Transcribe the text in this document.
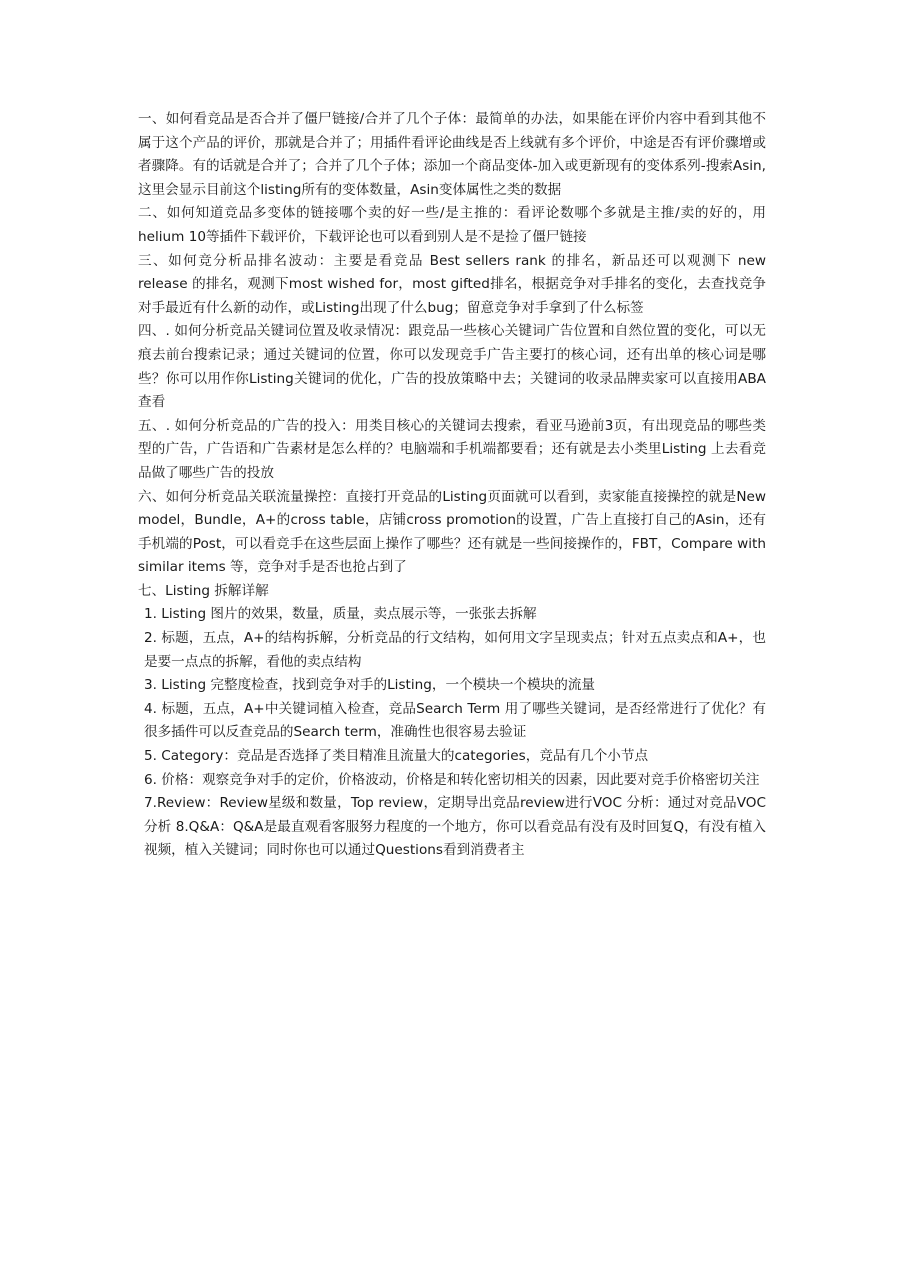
一、如何看竞品是否合并了僵尸链接/合并了几个子体：最简单的办法，如果能在评价内容中看到其他不属于这个产品的评价，那就是合并了；用插件看评论曲线是否上线就有多个评价，中途是否有评价骤增或者骤降。有的话就是合并了；合并了几个子体；添加一个商品变体-加入或更新现有的变体系列-搜索Asin,这里会显示目前这个listing所有的变体数量，Asin变体属性之类的数据

二、如何知道竞品多变体的链接哪个卖的好一些/是主推的：看评论数哪个多就是主推/卖的好的，用helium 10等插件下载评价，下载评论也可以看到别人是不是捡了僵尸链接

三、如何竞分析品排名波动：主要是看竞品 Best sellers rank 的排名，新品还可以观测下 new release 的排名，观测下most wished for，most gifted排名，根据竞争对手排名的变化，去查找竞争对手最近有什么新的动作，或Listing出现了什么bug；留意竞争对手拿到了什么标签

四、. 如何分析竞品关键词位置及收录情况：跟竞品一些核心关键词广告位置和自然位置的变化，可以无痕去前台搜索记录；通过关键词的位置，你可以发现竞手广告主要打的核心词，还有出单的核心词是哪些？你可以用作你Listing关键词的优化，广告的投放策略中去；关键词的收录品牌卖家可以直接用ABA 查看

五、. 如何分析竞品的广告的投入：用类目核心的关键词去搜索，看亚马逊前3页，有出现竞品的哪些类型的广告，广告语和广告素材是怎么样的？电脑端和手机端都要看；还有就是去小类里Listing 上去看竞品做了哪些广告的投放

六、如何分析竞品关联流量操控：直接打开竞品的Listing页面就可以看到，卖家能直接操控的就是New model，Bundle，A+的cross table，店铺cross promotion的设置，广告上直接打自己的Asin，还有手机端的Post，可以看竞手在这些层面上操作了哪些？还有就是一些间接操作的，FBT，Compare with similar items 等，竞争对手是否也抢占到了

七、Listing 拆解详解

1. Listing 图片的效果，数量，质量，卖点展示等，一张张去拆解

2. 标题，五点，A+的结构拆解，分析竞品的行文结构，如何用文字呈现卖点；针对五点卖点和A+，也是要一点点的拆解，看他的卖点结构

3. Listing 完整度检查，找到竞争对手的Listing，一个模块一个模块的流量

4. 标题，五点，A+中关键词植入检查，竞品Search Term 用了哪些关键词，是否经常进行了优化？有很多插件可以反查竞品的Search term，准确性也很容易去验证

5. Category：竞品是否选择了类目精准且流量大的categories，竞品有几个小节点

6. 价格：观察竞争对手的定价，价格波动，价格是和转化密切相关的因素，因此要对竞手价格密切关注

7.Review：Review星级和数量，Top review，定期导出竞品review进行VOC 分析：通过对竞品VOC 分析 8.Q&A：Q&A是最直观看客服努力程度的一个地方，你可以看竞品有没有及时回复Q，有没有植入视频，植入关键词；同时你也可以通过Questions看到消费者主
